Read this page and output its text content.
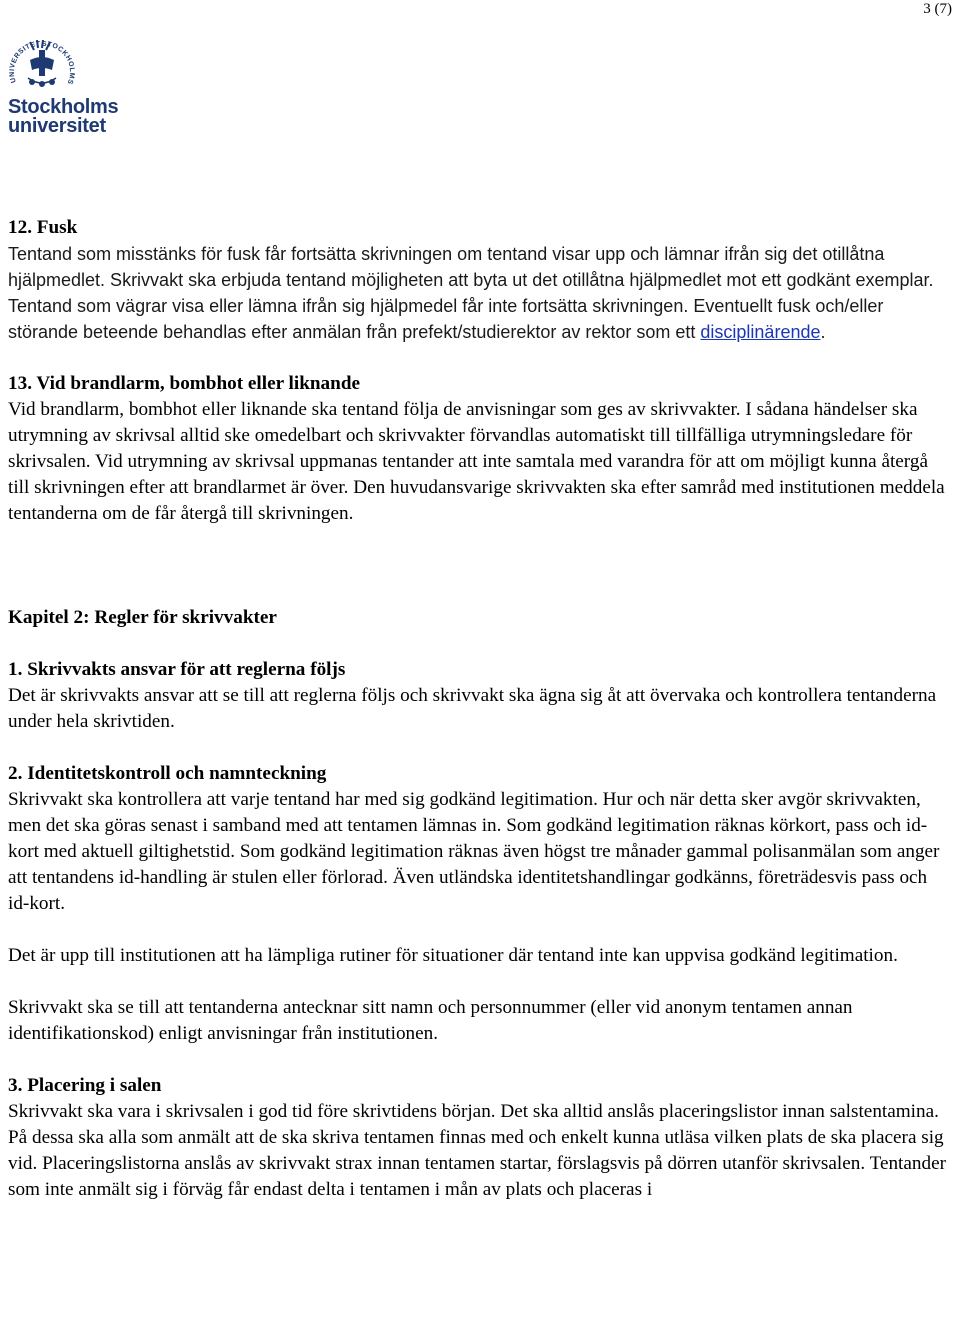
3 (7)
UNIVERSITET STOCKHOLMS
Stockholms
universitet
12. Fusk
Tentand som misstänks för fusk får fortsätta skrivningen om tentand visar upp och lämnar ifrån sig det otillåtna hjälpmedlet. Skrivvakt ska erbjuda tentand möjligheten att byta ut det otillåtna hjälpmedlet mot ett godkänt exemplar. Tentand som vägrar visa eller lämna ifrån sig hjälpmedel får inte fortsätta skrivningen. Eventuellt fusk och/eller störande beteende behandlas efter anmälan från prefekt/studierektor av rektor som ett disciplinärende.
13. Vid brandlarm, bombhot eller liknande
Vid brandlarm, bombhot eller liknande ska tentand följa de anvisningar som ges av skrivvakter. I sådana händelser ska utrymning av skrivsal alltid ske omedelbart och skrivvakter förvandlas automatiskt till tillfälliga utrymningsledare för skrivsalen. Vid utrymning av skrivsal uppmanas tentander att inte samtala med varandra för att om möjligt kunna återgå till skrivningen efter att brandlarmet är över. Den huvudansvarige skrivvakten ska efter samråd med institutionen meddela tentanderna om de får återgå till skrivningen.
Kapitel 2: Regler för skrivvakter
1. Skrivvakts ansvar för att reglerna följs
Det är skrivvakts ansvar att se till att reglerna följs och skrivvakt ska ägna sig åt att övervaka och kontrollera tentanderna under hela skrivtiden.
2. Identitetskontroll och namnteckning
Skrivvakt ska kontrollera att varje tentand har med sig godkänd legitimation. Hur och när detta sker avgör skrivvakten, men det ska göras senast i samband med att tentamen lämnas in. Som godkänd legitimation räknas körkort, pass och id-kort med aktuell giltighetstid. Som godkänd legitimation räknas även högst tre månader gammal polisanmälan som anger att tentandens id-handling är stulen eller förlorad. Även utländska identitetshandlingar godkänns, företrädesvis pass och id-kort.
Det är upp till institutionen att ha lämpliga rutiner för situationer där tentand inte kan uppvisa godkänd legitimation.
Skrivvakt ska se till att tentanderna antecknar sitt namn och personnummer (eller vid anonym tentamen annan identifikationskod) enligt anvisningar från institutionen.
3. Placering i salen
Skrivvakt ska vara i skrivsalen i god tid före skrivtidens början. Det ska alltid anslås placeringslistor innan salstentamina. På dessa ska alla som anmält att de ska skriva tentamen finnas med och enkelt kunna utläsa vilken plats de ska placera sig vid. Placeringslistorna anslås av skrivvakt strax innan tentamen startar, förslagsvis på dörren utanför skrivsalen. Tentander som inte anmält sig i förväg får endast delta i tentamen i mån av plats och placeras i
